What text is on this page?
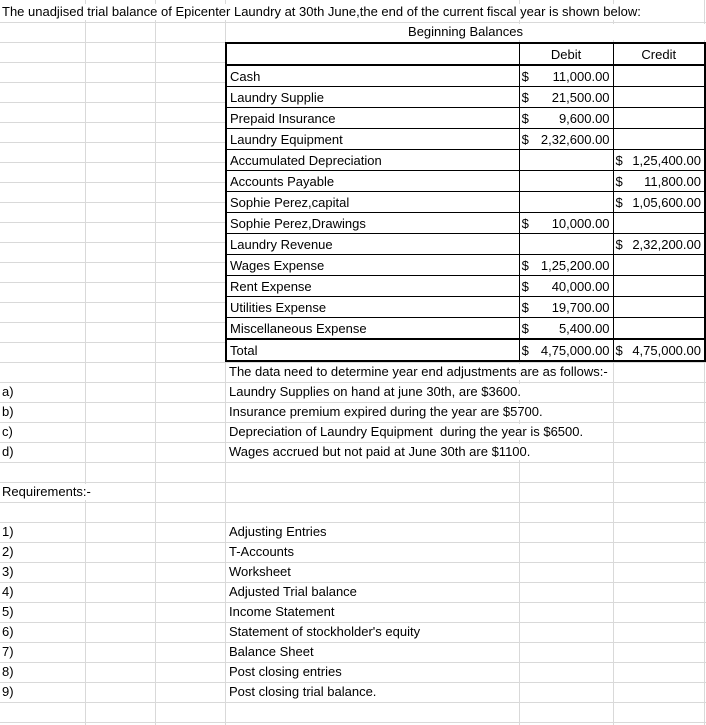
The unadjised trial balance of Epicenter Laundry at 30th June,the end of the current fiscal year is shown below:
Beginning Balances
	Debit	Credit
Cash	$ 11,000.00	

Laundry Supplie	$ 21,500.00	

Prepaid Insurance	$ 9,600.00	

Laundry Equipment	$ 2,32,600.00	

Accumulated Depreciation		$ 1,25,400.00

Accounts Payable		$ 11,800.00

Sophie Perez,capital		$ 1,05,600.00

Sophie Perez,Drawings	$ 10,000.00	

Laundry Revenue		$ 2,32,200.00

Wages Expense	$ 1,25,200.00	

Rent Expense	$ 40,000.00	

Utilities Expense	$ 19,700.00	

Miscellaneous Expense	$ 5,400.00	

Total	$ 4,75,000.00	$ 4,75,000.00
The data need to determine year end adjustments are as follows:-
a)	Laundry Supplies on hand at june 30th, are $3600.
b)	Insurance premium expired during the year are $5700.
c)	Depreciation of Laundry Equipment  during the year is $6500.
d)	Wages accrued but not paid at June 30th are $1100.
Requirements:-
1)	Adjusting Entries
2)	T-Accounts
3)	Worksheet
4)	Adjusted Trial balance
5)	Income Statement
6)	Statement of stockholder's equity
7)	Balance Sheet
8)	Post closing entries
9)	Post closing trial balance.
